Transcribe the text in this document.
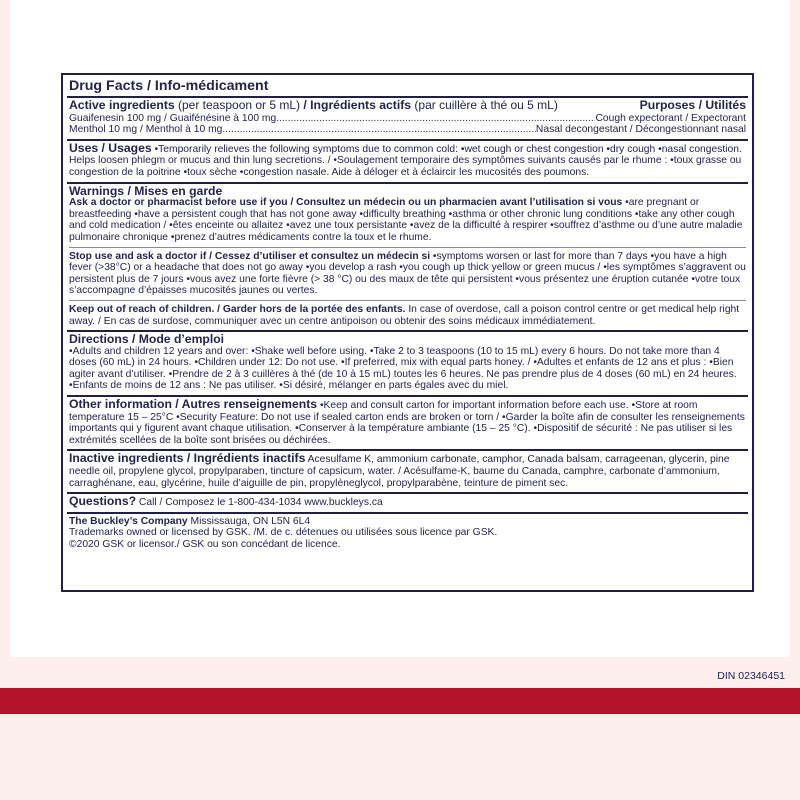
Drug Facts / Info-médicament
Active ingredients (per teaspoon or 5 mL) / Ingrédients actifs (par cuillère à thé ou 5 mL)	Purposes / Utilités
Guaifenesin 100 mg / Guaifénésine à 100 mg .....	Cough expectorant / Expectorant
Menthol 10 mg / Menthol à 10 mg .....	Nasal decongestant / Décongestionnant nasal
Uses / Usages •Temporarily relieves the following symptoms due to common cold: •wet cough or chest congestion •dry cough •nasal congestion. Helps loosen phlegm or mucus and thin lung secretions. / •Soulagement temporaire des symptômes suivants causés par le rhume : •toux grasse ou congestion de la poitrine •toux sèche •congestion nasale. Aide à déloger et à éclaircir les mucosités des poumons.
Warnings / Mises en garde
Ask a doctor or pharmacist before use if you / Consultez un médecin ou un pharmacien avant l’utilisation si vous •are pregnant or breastfeeding •have a persistent cough that has not gone away •difficulty breathing •asthma or other chronic lung conditions •take any other cough and cold medication / •êtes enceinte ou allaitez •avez une toux persistante •avez de la difficulté à respirer •souffrez d’asthme ou d’une autre maladie pulmonaire chronique •prenez d’autres médicaments contre la toux et le rhume.
Stop use and ask a doctor if / Cessez d’utiliser et consultez un médecin si •symptoms worsen or last for more than 7 days •you have a high fever (>38°C) or a headache that does not go away •you develop a rash •you cough up thick yellow or green mucus / •les symptômes s’aggravent ou persistent plus de 7 jours •vous avez une forte fièvre (> 38 °C) ou des maux de tête qui persistent •vous présentez une éruption cutanée •votre toux s’accompagne d’épaisses mucosités jaunes ou vertes.
Keep out of reach of children. / Garder hors de la portée des enfants. In case of overdose, call a poison control centre or get medical help right away. / En cas de surdose, communiquer avec un centre antipoison ou obtenir des soins médicaux immédiatement.
Directions / Mode d’emploi
•Adults and children 12 years and over: •Shake well before using. •Take 2 to 3 teaspoons (10 to 15 mL) every 6 hours. Do not take more than 4 doses (60 mL) in 24 hours. •Children under 12: Do not use. •If preferred, mix with equal parts honey. / •Adultes et enfants de 12 ans et plus : •Bien agiter avant d’utiliser. •Prendre de 2 à 3 cuillères à thé (de 10 à 15 mL) toutes les 6 heures. Ne pas prendre plus de 4 doses (60 mL) en 24 heures. •Enfants de moins de 12 ans : Ne pas utiliser. •Si désiré, mélanger en parts égales avec du miel.
Other information / Autres renseignements •Keep and consult carton for important information before each use. •Store at room temperature 15 – 25°C •Security Feature: Do not use if sealed carton ends are broken or torn / •Garder la boîte afin de consulter les renseignements importants qui y figurent avant chaque utilisation. •Conserver à la température ambiante (15 – 25 °C). •Dispositif de sécurité : Ne pas utiliser si les extrémités scellées de la boîte sont brisées ou déchirées.
Inactive ingredients / Ingrédients inactifs Acesulfame K, ammonium carbonate, camphor, Canada balsam, carrageenan, glycerin, pine needle oil, propylene glycol, propylparaben, tincture of capsicum, water. / Acésulfame-K, baume du Canada, camphre, carbonate d’ammonium, carraghénane, eau, glycérine, huile d’aiguille de pin, propylèneglycol, propylparabène, teinture de piment sec.
Questions? Call / Composez le 1-800-434-1034 www.buckleys.ca
The Buckley’s Company Mississauga, ON L5N 6L4
Trademarks owned or licensed by GSK. /M. de c. détenues ou utilisées sous licence par GSK.
©2020 GSK or licensor./ GSK ou son concédant de licence.
DIN 02346451
